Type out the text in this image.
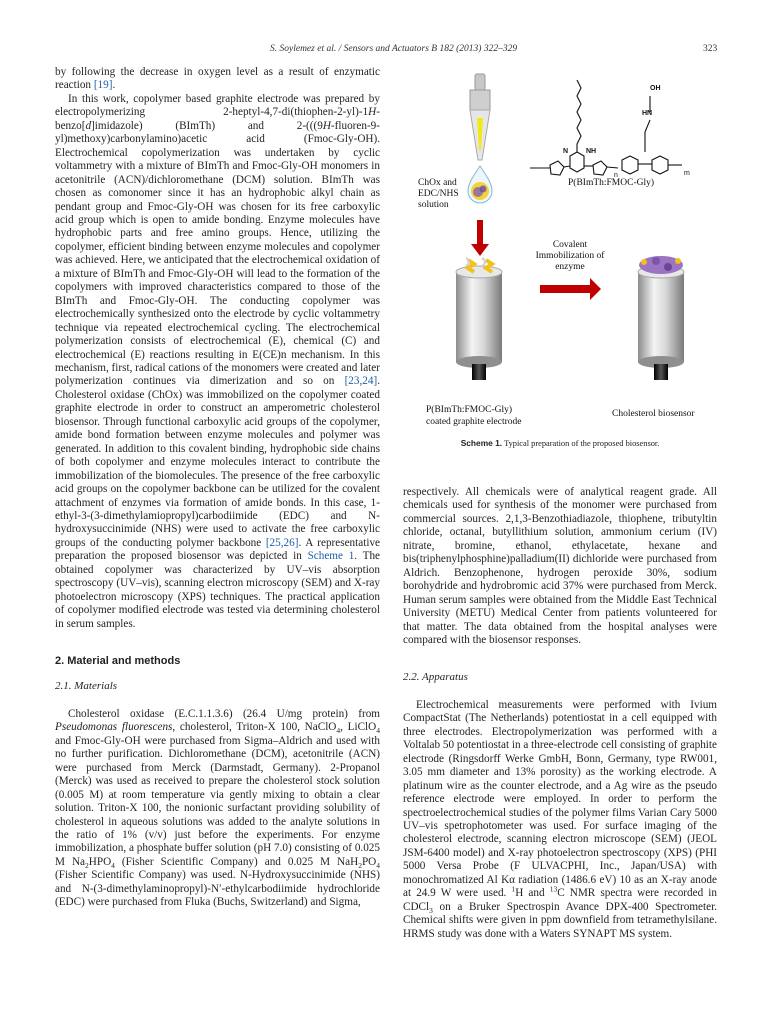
S. Soylemez et al. / Sensors and Actuators B 182 (2013) 322–329	323

by following the decrease in oxygen level as a result of enzymatic reaction [19].

In this work, copolymer based graphite electrode was prepared by electropolymerizing 2-heptyl-4,7-di(thiophen-2-yl)-1H-benzo[d]imidazole) (BImTh) and 2-(((9H-fluoren-9-yl)methoxy)carbonylamino)acetic acid (Fmoc-Gly-OH). Electrochemical copolymerization was undertaken by cyclic voltammetry with a mixture of BImTh and Fmoc-Gly-OH monomers in acetonitrile (ACN)/dichloromethane (DCM) solution. BImTh was chosen as comonomer since it has an hydrophobic alkyl chain as pendant group and Fmoc-Gly-OH was chosen for its free carboxylic acid group which is open to amide bonding. Enzyme molecules have hydrophobic parts and free amino groups. Hence, utilizing the copolymer, efficient binding between enzyme molecules and copolymer was achieved. Here, we anticipated that the electrochemical oxidation of a mixture of BImTh and Fmoc-Gly-OH will lead to the formation of the copolymers with improved characteristics compared to those of the BImTh and Fmoc-Gly-OH. The conducting copolymer was electrochemically synthesized onto the electrode by cyclic voltammetry technique via repeated electrochemical cycling. The electrochemical polymerization consists of electrochemical (E), chemical (C) and electrochemical (E) reactions resulting in E(CE)n mechanism. In this mechanism, first, radical cations of the monomers were created and later polymerization continues via dimerization and so on [23,24]. Cholesterol oxidase (ChOx) was immobilized on the copolymer coated graphite electrode in order to construct an amperometric cholesterol biosensor. Through functional carboxylic acid groups of the copolymer, amide bond formation between enzyme molecules and polymer was generated. In addition to this covalent binding, hydrophobic side chains of both copolymer and enzyme molecules interact to contribute the immobilization of the biomolecules. The presence of the free carboxylic acid groups on the copolymer backbone can be utilized for the covalent attachment of enzymes via formation of amide bonds. In this case, 1-ethyl-3-(3-dimethylamiopropyl)carbodiimide (EDC) and N-hydroxysuccinimide (NHS) were used to activate the free carboxylic groups of the conducting polymer backbone [25,26]. A representative preparation the proposed biosensor was depicted in Scheme 1. The obtained copolymer was characterized by UV–vis absorption spectroscopy (UV–vis), scanning electron microscopy (SEM) and X-ray photoelectron microscopy (XPS) techniques. The practical application of copolymer modified electrode was tested via determining cholesterol in serum samples.

2. Material and methods

2.1. Materials

Cholesterol oxidase (E.C.1.1.3.6) (26.4 U/mg protein) from Pseudomonas fluorescens, cholesterol, Triton-X 100, NaClO$_4$, LiClO$_4$ and Fmoc-Gly-OH were purchased from Sigma–Aldrich and used with no further purification. Dichloromethane (DCM), acetonitrile (ACN) were purchased from Merck (Darmstadt, Germany). 2-Propanol (Merck) was used as received to prepare the cholesterol stock solution (0.005 M) at room temperature via gently mixing to obtain a clear solution. Triton-X 100, the nonionic surfactant providing solubility of cholesterol in aqueous solutions was added to the analyte solutions in the ratio of 1% (v/v) just before the experiments. For enzyme immobilization, a phosphate buffer solution (pH 7.0) consisting of 0.025 M $Na_2HPO_4$ (Fisher Scientific Company) and 0.025 M $NaH_2PO_4$ (Fisher Scientific Company) was used. N-Hydroxysuccinimide (NHS) and N-(3-dimethylaminopropyl)-N′-ethylcarbodiimide hydrochloride (EDC) were purchased from Fluka (Buchs, Switzerland) and Sigma,

OH
HN
NH
N
n	m
P(BImTh:FMOC-Gly)
ChOx and EDC/NHS solution
Covalent Immobilization of enzyme
P(BImTh:FMOC-Gly)
coated graphite electrode
Cholesterol biosensor
Scheme 1. Typical preparation of the proposed biosensor.

respectively. All chemicals were of analytical reagent grade. All chemicals used for synthesis of the monomer were purchased from commercial sources. 2,1,3-Benzothiadiazole, thiophene, tributyltin chloride, octanal, butyllithium solution, ammonium cerium (IV) nitrate, bromine, ethanol, ethylacetate, hexane and bis(triphenylphosphine)palladium(II) dichloride were purchased from Aldrich. Benzophenone, hydrogen peroxide 30%, sodium borohydride and hydrobromic acid 37% were purchased from Merck. Human serum samples were obtained from the Middle East Technical University (METU) Medical Center from patients volunteered for that matter. The data obtained from the hospital analyses were compared with the biosensor responses.

2.2. Apparatus

Electrochemical measurements were performed with Ivium CompactStat (The Netherlands) potentiostat in a cell equipped with three electrodes. Electropolymerization was performed with a Voltalab 50 potentiostat in a three-electrode cell consisting of graphite electrode (Ringsdorff Werke GmbH, Bonn, Germany, type RW001, 3.05 mm diameter and 13% porosity) as the working electrode. A platinum wire as the counter electrode, and a Ag wire as the pseudo reference electrode were employed. In order to perform the spectroelectrochemical studies of the polymer films Varian Cary 5000 UV–vis spetrophotometer was used. For surface imaging of the cholesterol electrode, scanning electron microscope (SEM) (JEOL JSM-6400 model) and X-ray photoelectron spectroscopy (XPS) (PHI 5000 Versa Probe (F ULVACPHI, Inc., Japan/USA) with monochromatized Al Kα radiation (1486.6 eV) 10 as an X-ray anode at 24.9 W were used. $^1$H and $^{13}$C NMR spectra were recorded in CDCl$_3$ on a Bruker Spectrospin Avance DPX-400 Spectrometer. Chemical shifts were given in ppm downfield from tetramethylsilane. HRMS study was done with a Waters SYNAPT MS system.
